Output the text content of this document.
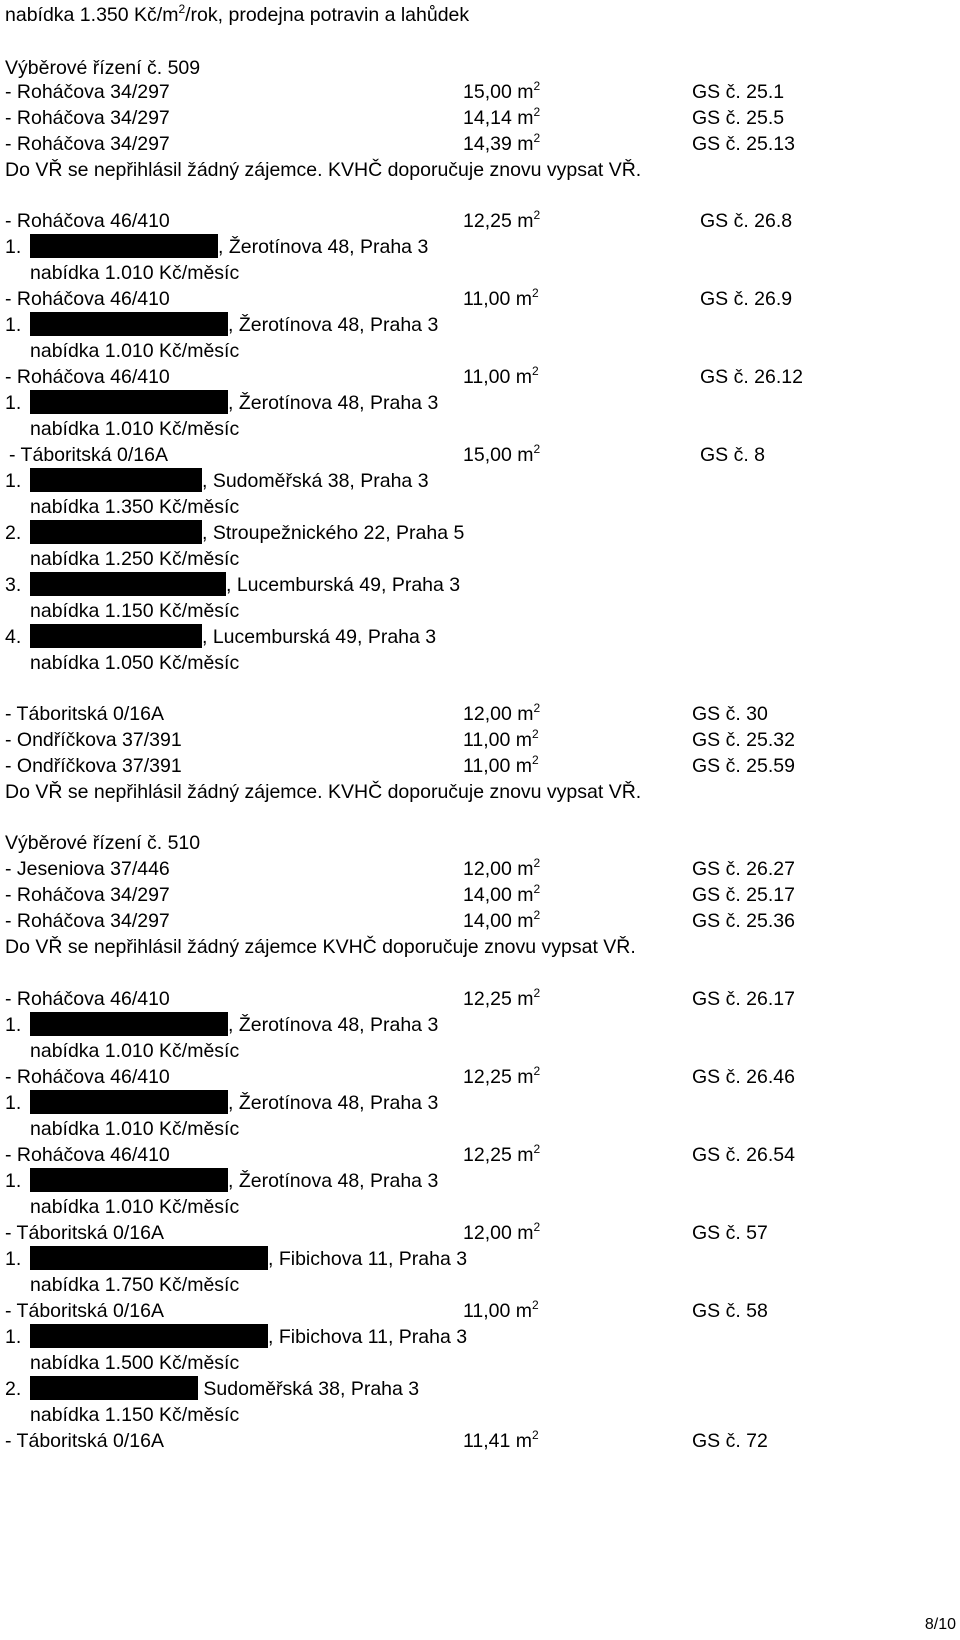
nabídka 1.350 $Kč/m^2$/rok, prodejna potravin a lahůdek
Výběrové řízení č. 509
- Roháčova 34/297	15,00 $m^2$	GS č. 25.1
- Roháčova 34/297	14,14 $m^2$	GS č. 25.5
- Roháčova 34/297	14,39 $m^2$	GS č. 25.13
Do VŘ se nepřihlásil žádný zájemce. KVHČ doporučuje znovu vypsat VŘ.
- Roháčova 46/410	12,25 $m^2$	GS č. 26.8
1.	, Žerotínova 48, Praha 3
nabídka 1.010 Kč/měsíc
- Roháčova 46/410	11,00 $m^2$	GS č. 26.9
1.	, Žerotínova 48, Praha 3
nabídka 1.010 Kč/měsíc
- Roháčova 46/410	11,00 $m^2$	GS č. 26.12
1.	, Žerotínova 48, Praha 3
nabídka 1.010 Kč/měsíc
- Táboritská 0/16A	15,00 $m^2$	GS č. 8
1.	, Sudoměřská 38, Praha 3
nabídka 1.350 Kč/měsíc
2.	, Stroupežnického 22, Praha 5
nabídka 1.250 Kč/měsíc
3.	, Lucemburská 49, Praha 3
nabídka 1.150 Kč/měsíc
4.	, Lucemburská 49, Praha 3
nabídka 1.050 Kč/měsíc
- Táboritská 0/16A	12,00 $m^2$	GS č. 30
- Ondříčkova 37/391	11,00 $m^2$	GS č. 25.32
- Ondříčkova 37/391	11,00 $m^2$	GS č. 25.59
Do VŘ se nepřihlásil žádný zájemce. KVHČ doporučuje znovu vypsat VŘ.
Výběrové řízení č. 510
- Jeseniova 37/446	12,00 $m^2$	GS č. 26.27
- Roháčova 34/297	14,00 $m^2$	GS č. 25.17
- Roháčova 34/297	14,00 $m^2$	GS č. 25.36
Do VŘ se nepřihlásil žádný zájemce KVHČ doporučuje znovu vypsat VŘ.
- Roháčova 46/410	12,25 $m^2$	GS č. 26.17
1.	, Žerotínova 48, Praha 3
nabídka 1.010 Kč/měsíc
- Roháčova 46/410	12,25 $m^2$	GS č. 26.46
1.	, Žerotínova 48, Praha 3
nabídka 1.010 Kč/měsíc
- Roháčova 46/410	12,25 $m^2$	GS č. 26.54
1.	, Žerotínova 48, Praha 3
nabídka 1.010 Kč/měsíc
- Táboritská 0/16A	12,00 $m^2$	GS č. 57
1.	, Fibichova 11, Praha 3
nabídka 1.750 Kč/měsíc
- Táboritská 0/16A	11,00 $m^2$	GS č. 58
1.	, Fibichova 11, Praha 3
nabídka 1.500 Kč/měsíc
2.	Sudoměřská 38, Praha 3
nabídka 1.150 Kč/měsíc
- Táboritská 0/16A	11,41 $m^2$	GS č. 72
8/10
